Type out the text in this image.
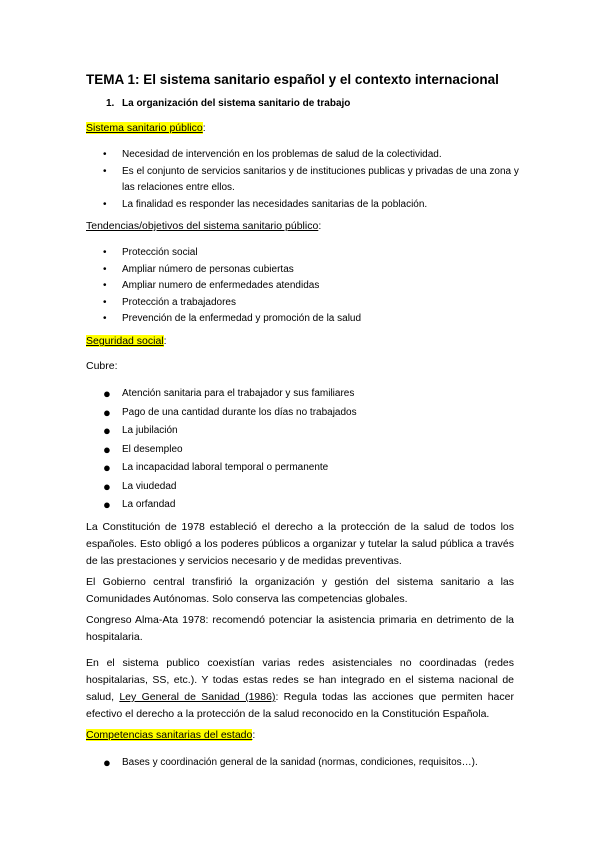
TEMA 1: El sistema sanitario español y el contexto internacional
1. La organización del sistema sanitario de trabajo
Sistema sanitario público:
• Necesidad de intervención en los problemas de salud de la colectividad.
• Es el conjunto de servicios sanitarios y de instituciones publicas y privadas de una zona y las relaciones entre ellos.
• La finalidad es responder las necesidades sanitarias de la población.
Tendencias/objetivos del sistema sanitario público:
• Protección social
• Ampliar número de personas cubiertas
• Ampliar numero de enfermedades atendidas
• Protección a trabajadores
• Prevención de la enfermedad y promoción de la salud
Seguridad social:
Cubre:
● Atención sanitaria para el trabajador y sus familiares
● Pago de una cantidad durante los días no trabajados
● La jubilación
● El desempleo
● La incapacidad laboral temporal o permanente
● La viudedad
● La orfandad

La Constitución de 1978 estableció el derecho a la protección de la salud de todos los españoles. Esto obligó a los poderes públicos a organizar y tutelar la salud pública a través de las prestaciones y servicios necesario y de medidas preventivas.

El Gobierno central transfirió la organización y gestión del sistema sanitario a las Comunidades Autónomas. Solo conserva las competencias globales.

Congreso Alma-Ata 1978: recomendó potenciar la asistencia primaria en detrimento de la hospitalaria.

En el sistema publico coexistían varias redes asistenciales no coordinadas (redes hospitalarias, SS, etc.). Y todas estas redes se han integrado en el sistema nacional de salud, Ley General de Sanidad (1986): Regula todas las acciones que permiten hacer efectivo el derecho a la protección de la salud reconocido en la Constitución Española.

Competencias sanitarias del estado:
● Bases y coordinación general de la sanidad (normas, condiciones, requisitos…).
